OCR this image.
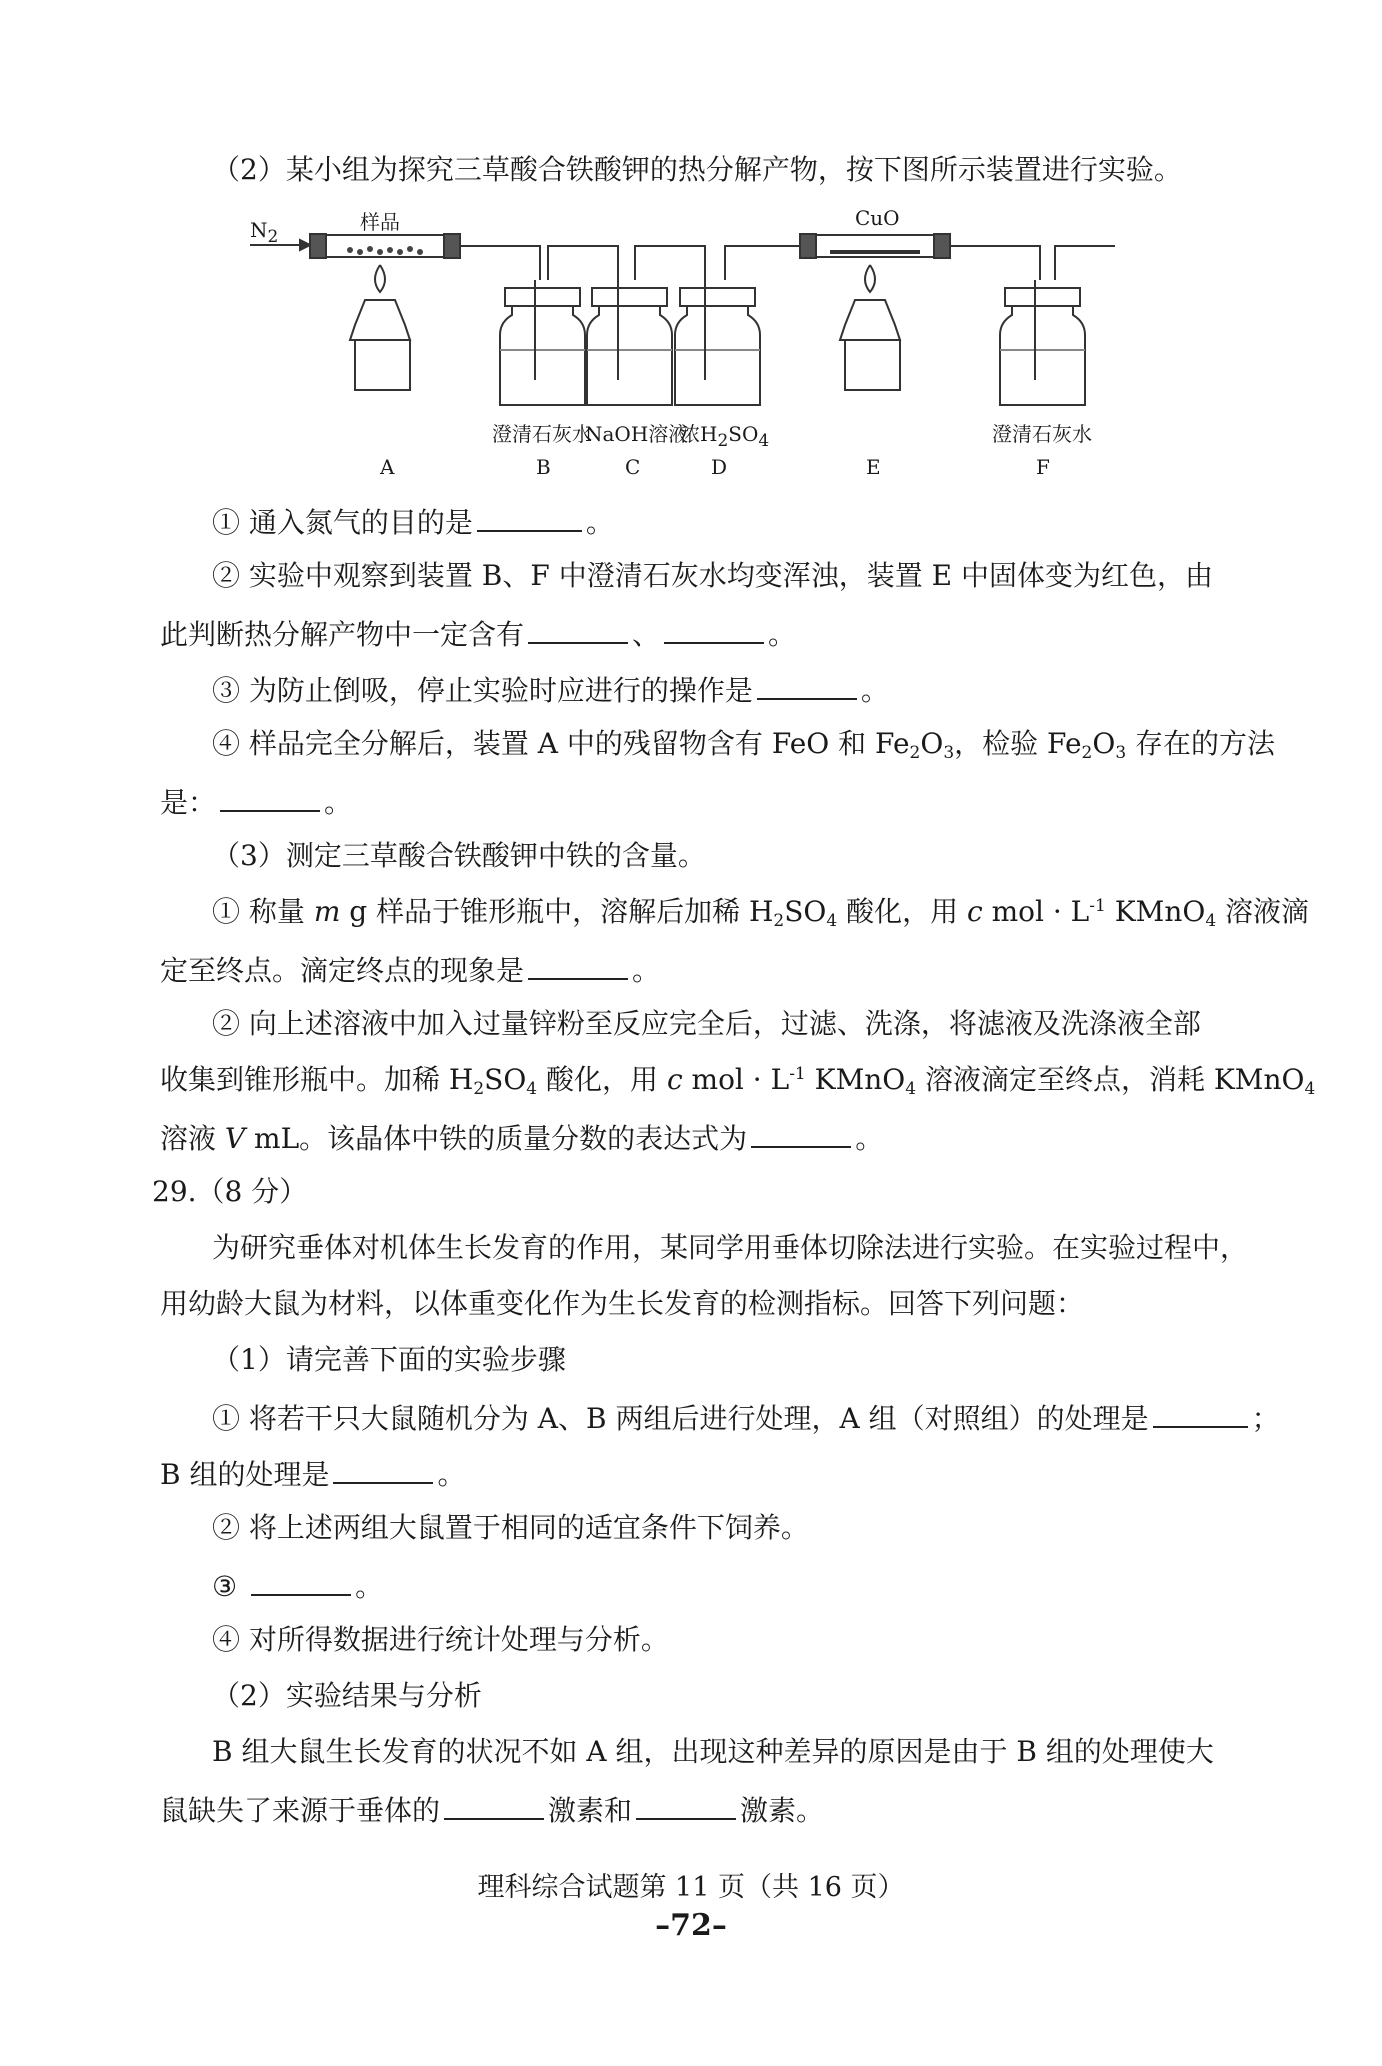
（2）某小组为探究三草酸合铁酸钾的热分解产物，按下图所示装置进行实验。
$N_2$
样品	CuO
澄清石灰水
NaOH溶液
浓$H_2SO_4$	澄清石灰水
A	B	C	D	E	F
① 通入氮气的目的是	。
② 实验中观察到装置 B、F 中澄清石灰水均变浑浊，装置 E 中固体变为红色，由
此判断热分解产物中一定含有	、	。
③ 为防止倒吸，停止实验时应进行的操作是	。
④ 样品完全分解后，装置 A 中的残留物含有 FeO 和 $Fe_2O_3$，检验 $Fe_2O_3$ 存在的方法
是：	。
（3）测定三草酸合铁酸钾中铁的含量。
① 称量 m g 样品于锥形瓶中，溶解后加稀 $H_2SO_4$ 酸化，用 c mol · $L^{-1}$ KMnO$_4$ 溶液滴
定至终点。滴定终点的现象是	。
② 向上述溶液中加入过量锌粉至反应完全后，过滤、洗涤，将滤液及洗涤液全部
收集到锥形瓶中。加稀 $H_2SO_4$ 酸化，用 c mol · $L^{-1}$ KMnO$_4$ 溶液滴定至终点，消耗 KMnO$_4$
溶液 V mL。该晶体中铁的质量分数的表达式为	。
29.（8 分）
为研究垂体对机体生长发育的作用，某同学用垂体切除法进行实验。在实验过程中，
用幼龄大鼠为材料，以体重变化作为生长发育的检测指标。回答下列问题：
（1）请完善下面的实验步骤
① 将若干只大鼠随机分为 A、B 两组后进行处理，A 组（对照组）的处理是	；
B 组的处理是	。
② 将上述两组大鼠置于相同的适宜条件下饲养。
③	。
④ 对所得数据进行统计处理与分析。
（2）实验结果与分析
B 组大鼠生长发育的状况不如 A 组，出现这种差异的原因是由于 B 组的处理使大
鼠缺失了来源于垂体的	激素和	激素。
理科综合试题第 11 页（共 16 页）
–72–
